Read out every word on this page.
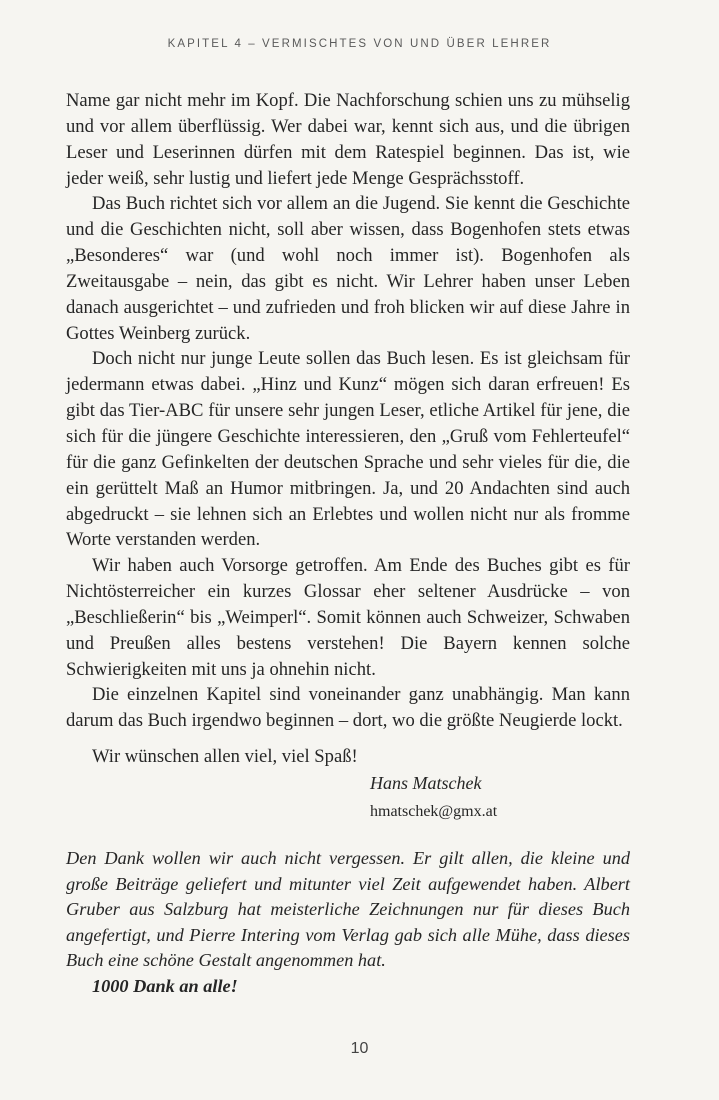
KAPITEL 4 – VERMISCHTES VON UND ÜBER LEHRER

Name gar nicht mehr im Kopf. Die Nachforschung schien uns zu mühselig und vor allem überflüssig. Wer dabei war, kennt sich aus, und die übrigen Leser und Leserinnen dürfen mit dem Ratespiel beginnen. Das ist, wie jeder weiß, sehr lustig und liefert jede Menge Gesprächsstoff.

Das Buch richtet sich vor allem an die Jugend. Sie kennt die Geschichte und die Geschichten nicht, soll aber wissen, dass Bogenhofen stets etwas „Besonderes“ war (und wohl noch immer ist). Bogenhofen als Zweitausgabe – nein, das gibt es nicht. Wir Lehrer haben unser Leben danach ausgerichtet – und zufrieden und froh blicken wir auf diese Jahre in Gottes Weinberg zurück.

Doch nicht nur junge Leute sollen das Buch lesen. Es ist gleichsam für jedermann etwas dabei. „Hinz und Kunz“ mögen sich daran erfreuen! Es gibt das Tier-ABC für unsere sehr jungen Leser, etliche Artikel für jene, die sich für die jüngere Geschichte interessieren, den „Gruß vom Fehlerteufel“ für die ganz Gefinkelten der deutschen Sprache und sehr vieles für die, die ein gerüttelt Maß an Humor mitbringen. Ja, und 20 Andachten sind auch abgedruckt – sie lehnen sich an Erlebtes und wollen nicht nur als fromme Worte verstanden werden.

Wir haben auch Vorsorge getroffen. Am Ende des Buches gibt es für Nichtösterreicher ein kurzes Glossar eher seltener Ausdrücke – von „Beschließerin“ bis „Weimperl“. Somit können auch Schweizer, Schwaben und Preußen alles bestens verstehen! Die Bayern kennen solche Schwierigkeiten mit uns ja ohnehin nicht.

Die einzelnen Kapitel sind voneinander ganz unabhängig. Man kann darum das Buch irgendwo beginnen – dort, wo die größte Neugierde lockt.

Wir wünschen allen viel, viel Spaß!

Hans Matschek
hmatschek@gmx.at

Den Dank wollen wir auch nicht vergessen. Er gilt allen, die kleine und große Beiträge geliefert und mitunter viel Zeit aufgewendet haben. Albert Gruber aus Salzburg hat meisterliche Zeichnungen nur für dieses Buch angefertigt, und Pierre Intering vom Verlag gab sich alle Mühe, dass dieses Buch eine schöne Gestalt angenommen hat.

1000 Dank an alle!

10
